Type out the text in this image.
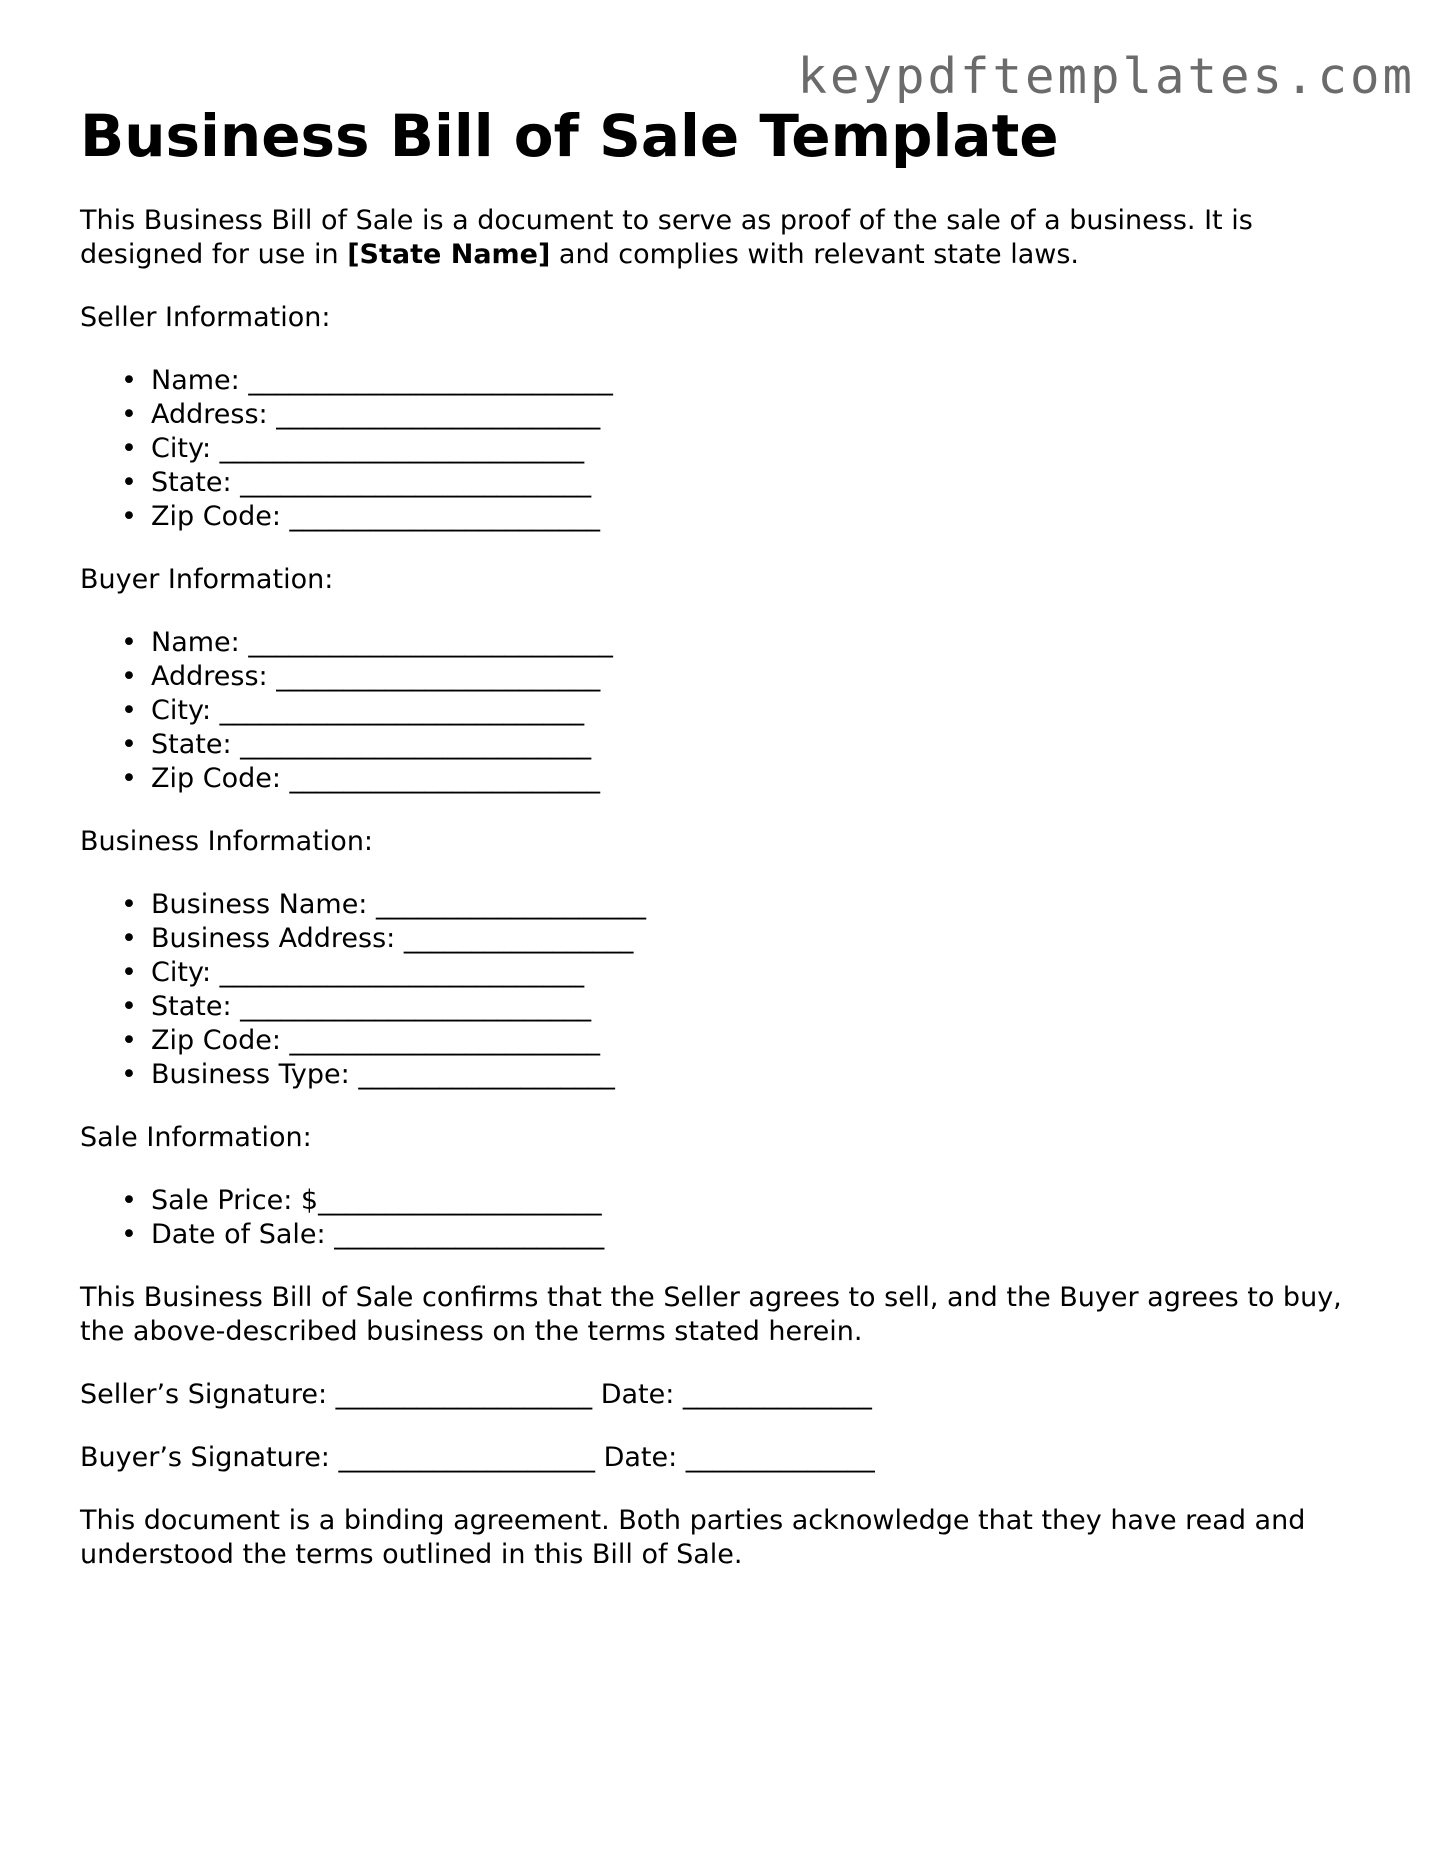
keypdftemplates.com
Business Bill of Sale Template

This Business Bill of Sale is a document to serve as proof of the sale of a business. It is designed for use in [State Name] and complies with relevant state laws.

Seller Information:

• Name: ___________________________
• Address: ________________________
• City: ___________________________
• State: __________________________
• Zip Code: _______________________

Buyer Information:

• Name: ___________________________
• Address: ________________________
• City: ___________________________
• State: __________________________
• Zip Code: _______________________

Business Information:

• Business Name: ____________________
• Business Address: _________________
• City: ___________________________
• State: __________________________
• Zip Code: _______________________
• Business Type: ___________________

Sale Information:

• Sale Price: $_____________________
• Date of Sale: ____________________

This Business Bill of Sale confirms that the Seller agrees to sell, and the Buyer agrees to buy, the above-described business on the terms stated herein.

Seller’s Signature: ___________________ Date: ______________

Buyer’s Signature: ___________________ Date: ______________

This document is a binding agreement. Both parties acknowledge that they have read and understood the terms outlined in this Bill of Sale.
